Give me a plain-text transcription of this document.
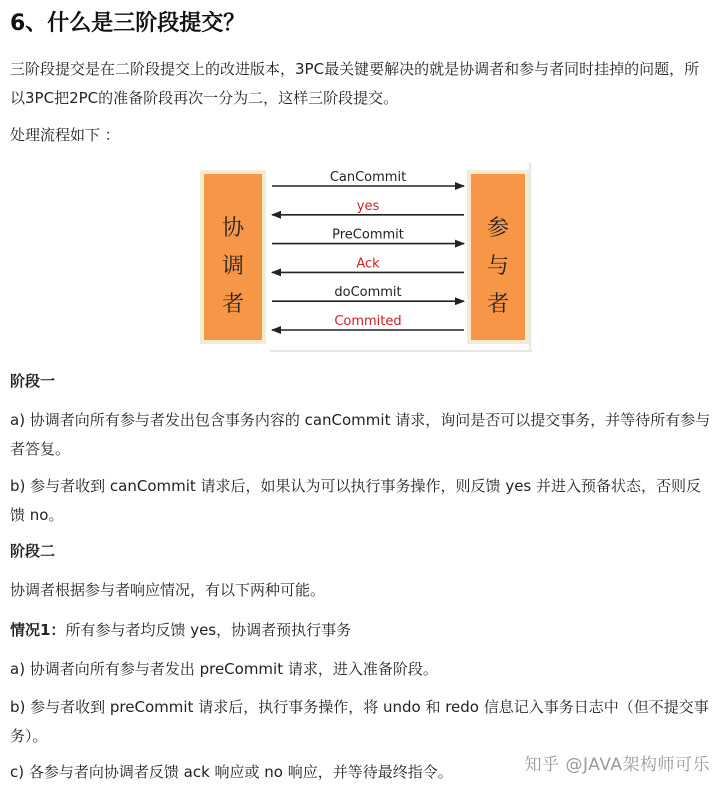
6、什么是三阶段提交？

三阶段提交是在二阶段提交上的改进版本，3PC最关键要解决的就是协调者和参与者同时挂掉的问题，所以3PC把2PC的准备阶段再次一分为二，这样三阶段提交。

处理流程如下 ：

CanCommit
yes
PreCommit
Ack
doCommit
Commited
协
调
者
参
与
者

阶段一

a) 协调者向所有参与者发出包含事务内容的 canCommit 请求，询问是否可以提交事务，并等待所有参与者答复。

b) 参与者收到 canCommit 请求后，如果认为可以执行事务操作，则反馈 yes 并进入预备状态，否则反馈 no。

阶段二

协调者根据参与者响应情况，有以下两种可能。

情况1：所有参与者均反馈 yes，协调者预执行事务

a) 协调者向所有参与者发出 preCommit 请求，进入准备阶段。

b) 参与者收到 preCommit 请求后，执行事务操作，将 undo 和 redo 信息记入事务日志中（但不提交事务）。

c) 各参与者向协调者反馈 ack 响应或 no 响应，并等待最终指令。	知乎 @JAVA架构师可乐
